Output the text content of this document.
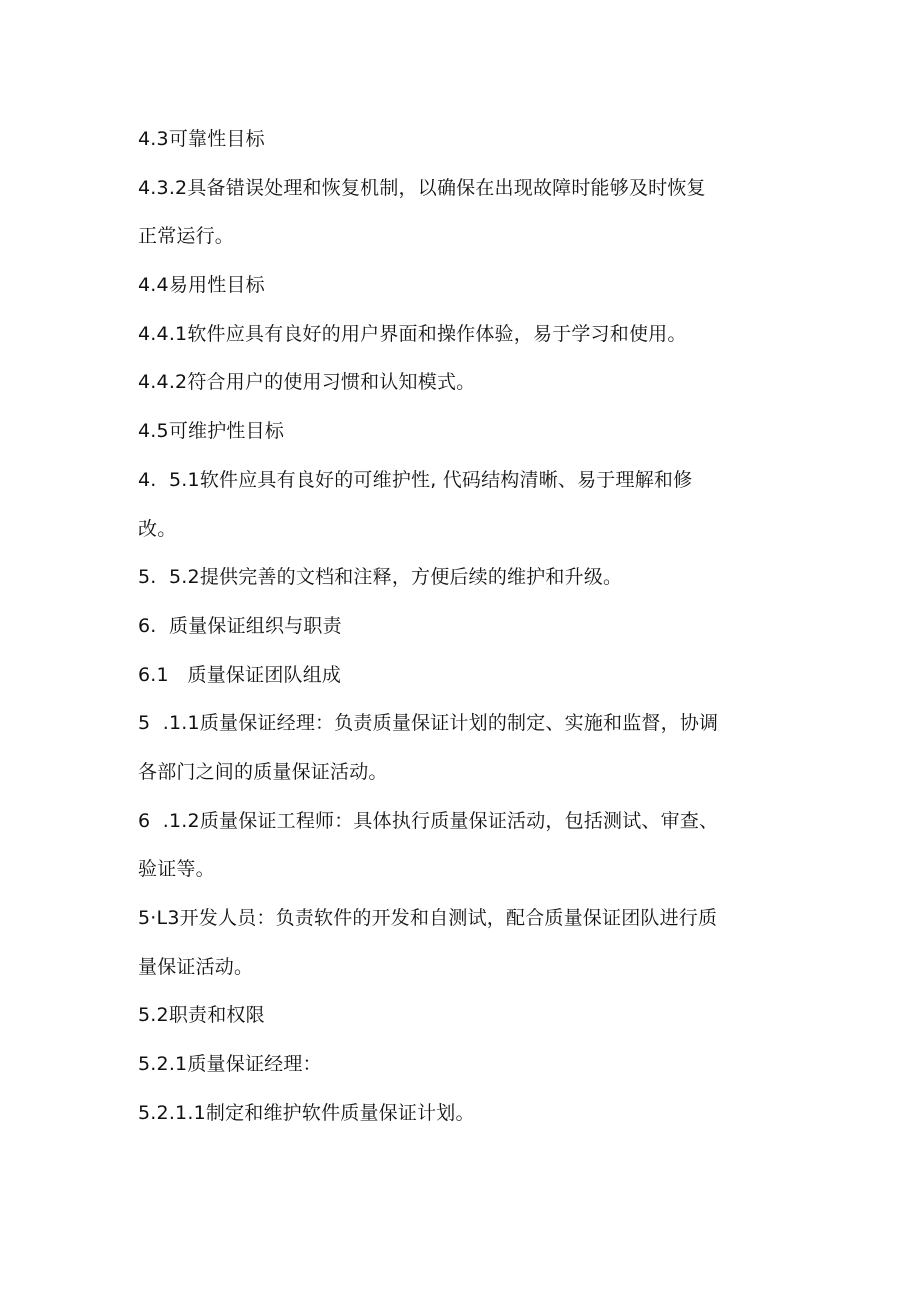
4.3可靠性目标
4.3.2具备错误处理和恢复机制，以确保在出现故障时能够及时恢复
正常运行。
4.4易用性目标
4.4.1软件应具有良好的用户界面和操作体验，易于学习和使用。
4.4.2符合用户的使用习惯和认知模式。
4.5可维护性目标
4.  5.1软件应具有良好的可维护性, 代码结构清晰、易于理解和修
改。
5.  5.2提供完善的文档和注释，方便后续的维护和升级。
6.  质量保证组织与职责
6.1   质量保证团队组成
5  .1.1质量保证经理：负责质量保证计划的制定、实施和监督，协调
各部门之间的质量保证活动。
6  .1.2质量保证工程师：具体执行质量保证活动，包括测试、审查、
验证等。
5·L3开发人员：负责软件的开发和自测试，配合质量保证团队进行质
量保证活动。
5.2职责和权限
5.2.1质量保证经理：
5.2.1.1制定和维护软件质量保证计划。
